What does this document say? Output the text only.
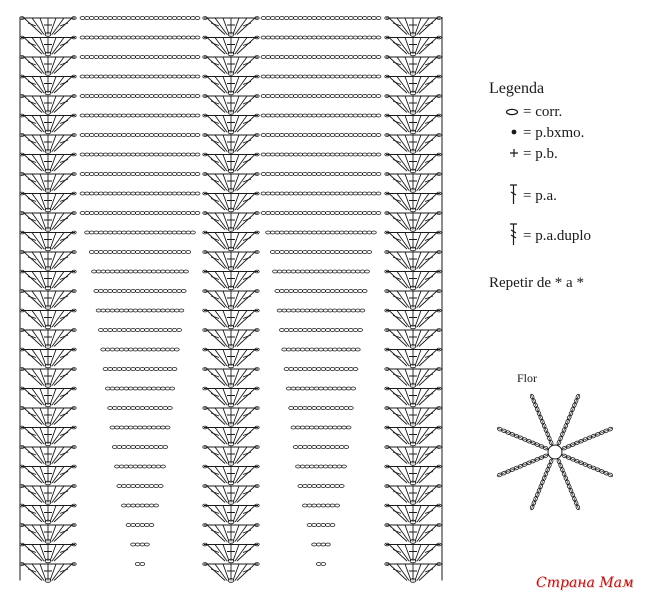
Legenda
= corr.
= p.bxmo.
= p.b.
= p.a.
= p.a.duplo
Repetir de * a *
Flor
Страна Мам
